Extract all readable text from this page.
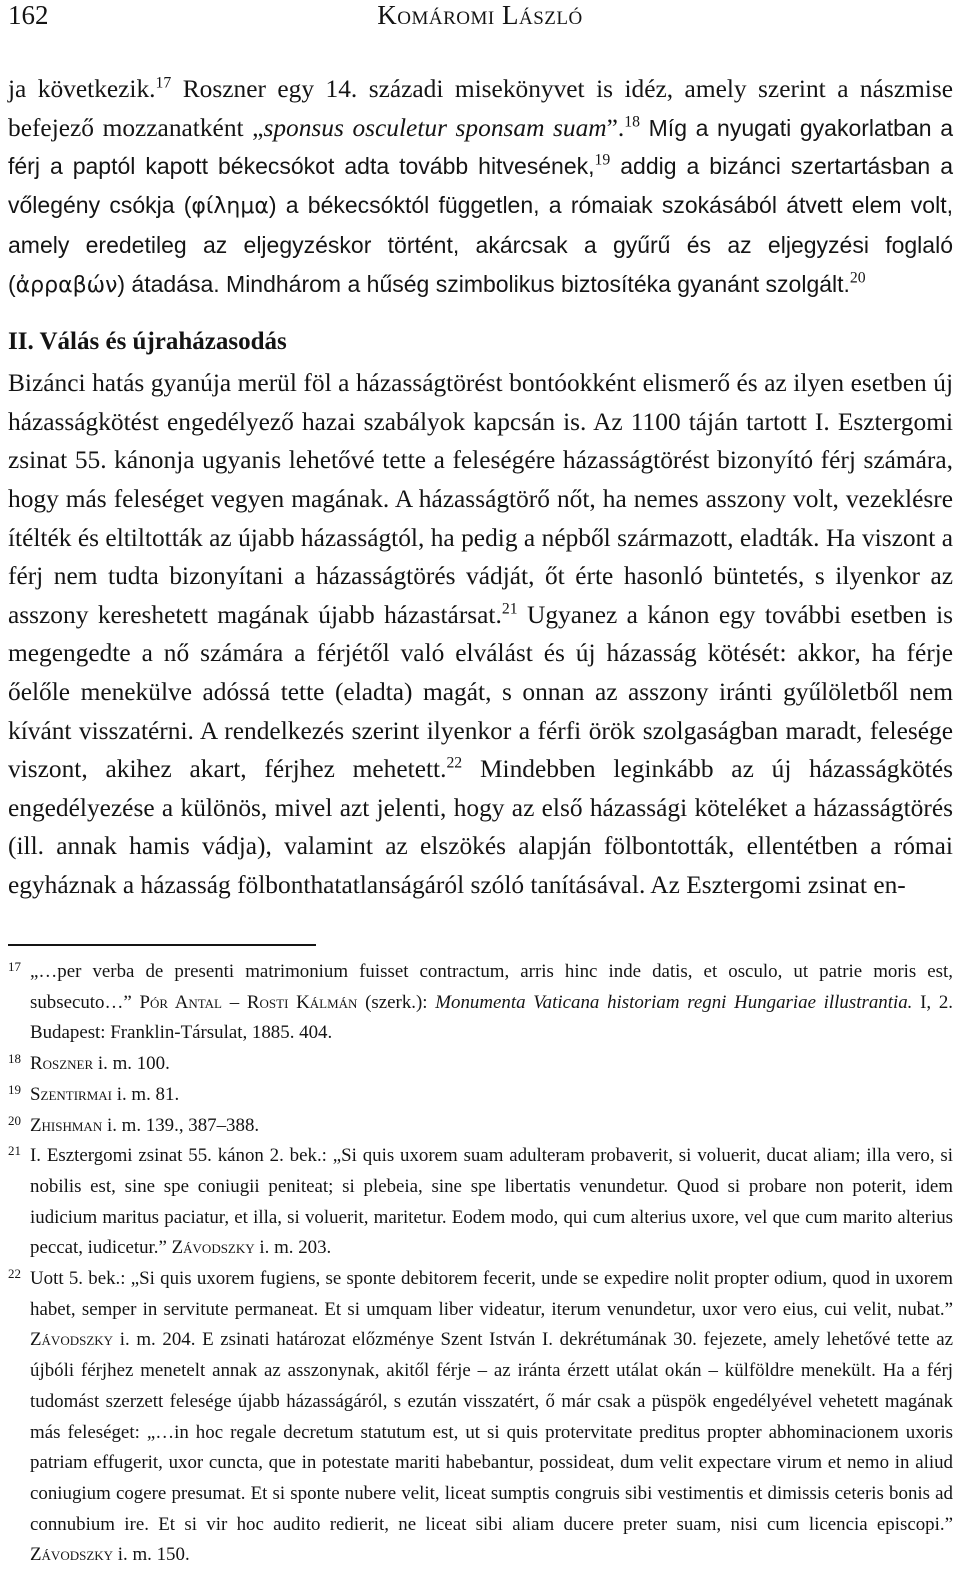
162	Komáromi László

ja következik.$^{17}$ Roszner egy 14. századi misekönyvet is idéz, amely szerint a nászmise befejező mozzanatként „sponsus osculetur sponsam suam”.$^{18}$ Míg a nyugati gyakorlatban a férj a paptól kapott békecsókot adta tovább hitvesének,$^{19}$ addig a bizánci szertartásban a vőlegény csókja (φίλημα) a békecsóktól független, a rómaiak szokásából átvett elem volt, amely eredetileg az eljegyzéskor történt, akárcsak a gyűrű és az eljegyzési foglaló (ἀρραβών) átadása. Mindhárom a hűség szimbolikus biztosítéka gyanánt szolgált.$^{20}$

II. Válás és újraházasodás

Bizánci hatás gyanúja merül föl a házasságtörést bontóokként elismerő és az ilyen esetben új házasságkötést engedélyező hazai szabályok kapcsán is. Az 1100 táján tartott I. Esztergomi zsinat 55. kánonja ugyanis lehetővé tette a feleségére házasságtörést bizonyító férj számára, hogy más feleséget vegyen magának. A házasságtörő nőt, ha nemes asszony volt, vezeklésre ítélték és eltiltották az újabb házasságtól, ha pedig a népből származott, eladták. Ha viszont a férj nem tudta bizonyítani a házasságtörés vádját, őt érte hasonló büntetés, s ilyenkor az asszony kereshetett magának újabb házastársat.$^{21}$ Ugyanez a kánon egy további esetben is megengedte a nő számára a férjétől való elválást és új házasság kötését: akkor, ha férje őelőle menekülve adóssá tette (eladta) magát, s onnan az asszony iránti gyűlöletből nem kívánt visszatérni. A rendelkezés szerint ilyenkor a férfi örök szolgaságban maradt, felesége viszont, akihez akart, férjhez mehetett.$^{22}$ Mindebben leginkább az új házasságkötés engedélyezése a különös, mivel azt jelenti, hogy az első házassági köteléket a házasságtörés (ill. annak hamis vádja), valamint az elszökés alapján fölbontották, ellentétben a római egyháznak a házasság fölbonthatatlanságáról szóló tanításával. Az Esztergomi zsinat en-

17 „…per verba de presenti matrimonium fuisset contractum, arris hinc inde datis, et osculo, ut patrie moris est, subsecuto…” Pór Antal – Rosti Kálmán (szerk.): Monumenta Vaticana historiam regni Hungariae illustrantia. I, 2. Budapest: Franklin-Társulat, 1885. 404.

18 Roszner i. m. 100.

19 Szentirmai i. m. 81.

20 Zhishman i. m. 139., 387–388.

21 I. Esztergomi zsinat 55. kánon 2. bek.: „Si quis uxorem suam adulteram probaverit, si voluerit, ducat aliam; illa vero, si nobilis est, sine spe coniugii peniteat; si plebeia, sine spe libertatis venundetur. Quod si probare non poterit, idem iudicium maritus paciatur, et illa, si voluerit, maritetur. Eodem modo, qui cum alterius uxore, vel que cum marito alterius peccat, iudicetur.” Závodszky i. m. 203.

22 Uott 5. bek.: „Si quis uxorem fugiens, se sponte debitorem fecerit, unde se expedire nolit propter odium, quod in uxorem habet, semper in servitute permaneat. Et si umquam liber videatur, iterum venundetur, uxor vero eius, cui velit, nubat.” Závodszky i. m. 204. E zsinati határozat előzménye Szent István I. dekrétumának 30. fejezete, amely lehetővé tette az újbóli férjhez menetelt annak az asszonynak, akitől férje – az iránta érzett utálat okán – külföldre menekült. Ha a férj tudomást szerzett felesége újabb házasságáról, s ezután visszatért, ő már csak a püspök engedélyével vehetett magának más feleséget: „…in hoc regale decretum statutum est, ut si quis protervitate preditus propter abhominacionem uxoris patriam effugerit, uxor cuncta, que in potestate mariti habebantur, possideat, dum velit expectare virum et nemo in aliud coniugium cogere presumat. Et si sponte nubere velit, liceat sumptis congruis sibi vestimentis et dimissis ceteris bonis ad connubium ire. Et si vir hoc audito redierit, ne liceat sibi aliam ducere preter suam, nisi cum licencia episcopi.” Závodszky i. m. 150.
